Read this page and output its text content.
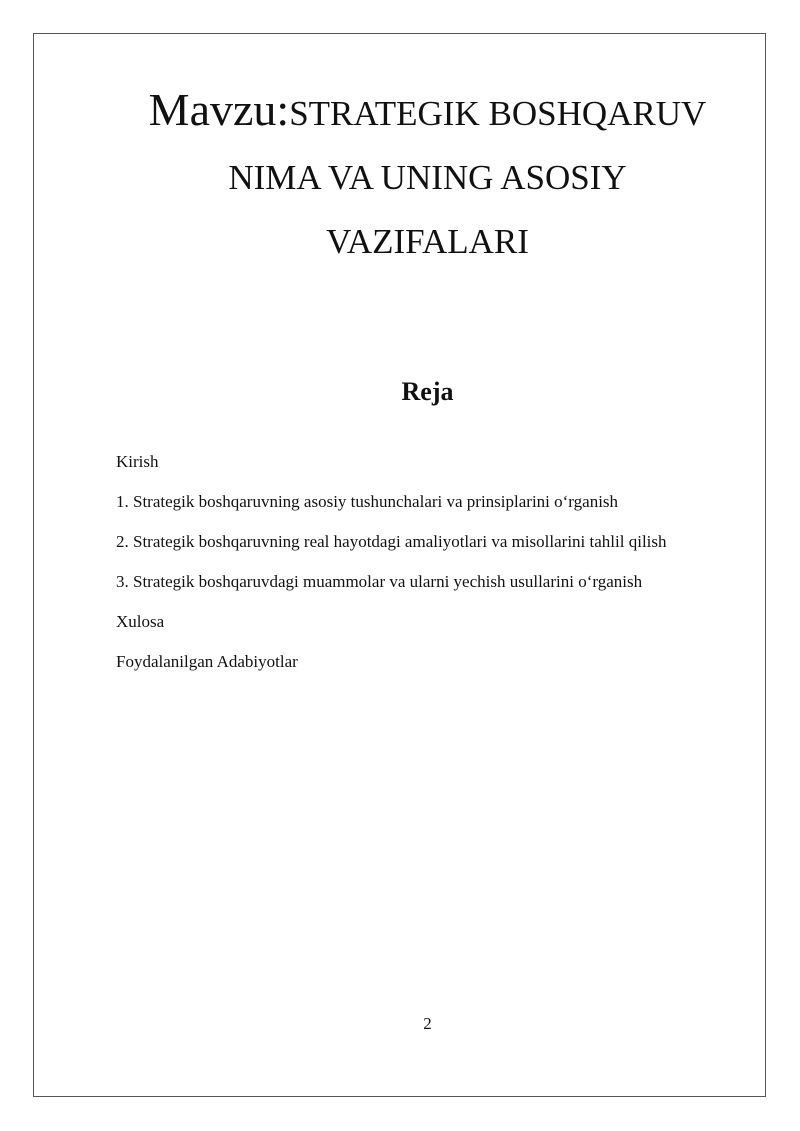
Mavzu:STRATEGIK BOSHQARUV
NIMA VA UNING ASOSIY
VAZIFALARI
Reja
Kirish
1. Strategik boshqaruvning asosiy tushunchalari va prinsiplarini o‘rganish
2. Strategik boshqaruvning real hayotdagi amaliyotlari va misollarini tahlil qilish
3. Strategik boshqaruvdagi muammolar va ularni yechish usullarini o‘rganish
Xulosa
Foydalanilgan Adabiyotlar
2
